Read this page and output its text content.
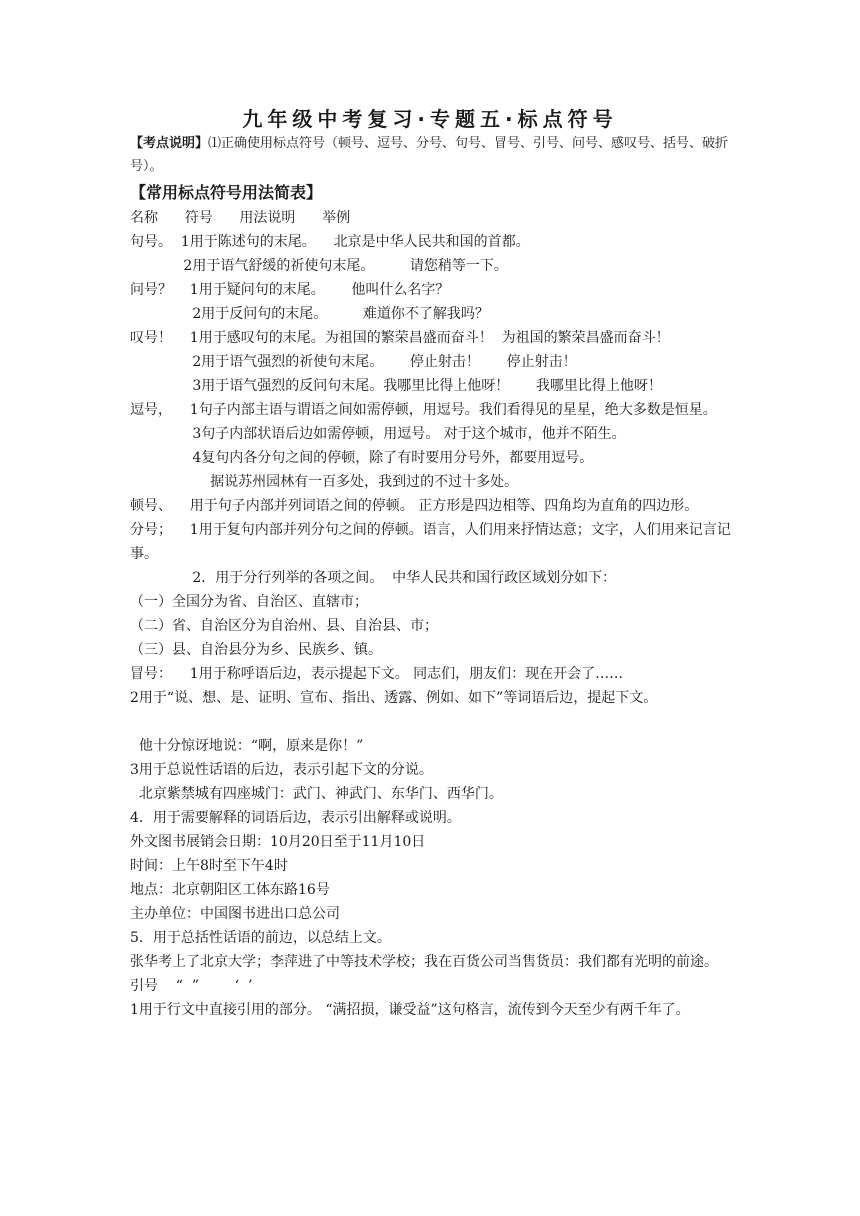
九年级中考复习·专题五·标点符号

【考点说明】⑴正确使用标点符号（顿号、逗号、分号、句号、冒号、引号、问号、感叹号、括号、破折号）。

【常用标点符号用法简表】

名称      符号      用法说明      举例

句号。  1用于陈述句的末尾。    北京是中华人民共和国的首都。

2用于语气舒缓的祈使句末尾。        请您稍等一下。

问号？    1用于疑问句的末尾。      他叫什么名字？

2用于反问句的末尾。        难道你不了解我吗？

叹号！    1用于感叹句的末尾。为祖国的繁荣昌盛而奋斗！  为祖国的繁荣昌盛而奋斗！

2用于语气强烈的祈使句末尾。      停止射击！      停止射击！

3用于语气强烈的反问句末尾。我哪里比得上他呀！      我哪里比得上他呀！

逗号，    1句子内部主语与谓语之间如需停顿，用逗号。我们看得见的星星，绝大多数是恒星。

3句子内部状语后边如需停顿，用逗号。 对于这个城市，他并不陌生。

4复句内各分句之间的停顿，除了有时要用分号外，都要用逗号。

据说苏州园林有一百多处，我到过的不过十多处。

顿号、    用于句子内部并列词语之间的停顿。 正方形是四边相等、四角均为直角的四边形。

分号；    1用于复句内部并列分句之间的停顿。语言，人们用来抒情达意；文字，人们用来记言记事。

2．用于分行列举的各项之间。  中华人民共和国行政区域划分如下：

（一）全国分为省、自治区、直辖市；

（二）省、自治区分为自治州、县、自治县、市；

（三）县、自治县分为乡、民族乡、镇。

冒号：    1用于称呼语后边，表示提起下文。 同志们，朋友们：现在开会了……

2用于“说、想、是、证明、宣布、指出、透露、例如、如下”等词语后边，提起下文。

他十分惊讶地说：“啊，原来是你！”

3用于总说性话语的后边，表示引起下文的分说。

北京紫禁城有四座城门：武门、神武门、东华门、西华门。

4．用于需要解释的词语后边，表示引出解释或说明。

外文图书展销会日期：10月20日至于11月10日

时间：上午8时至下午4时

地点：北京朝阳区工体东路16号

主办单位：中国图书进出口总公司

5．用于总括性话语的前边，以总结上文。

张华考上了北京大学；李萍进了中等技术学校；我在百货公司当售货员：我们都有光明的前途。

引号    “  ”        ‘  ’

1用于行文中直接引用的部分。 “满招损，谦受益”这句格言，流传到今天至少有两千年了。
